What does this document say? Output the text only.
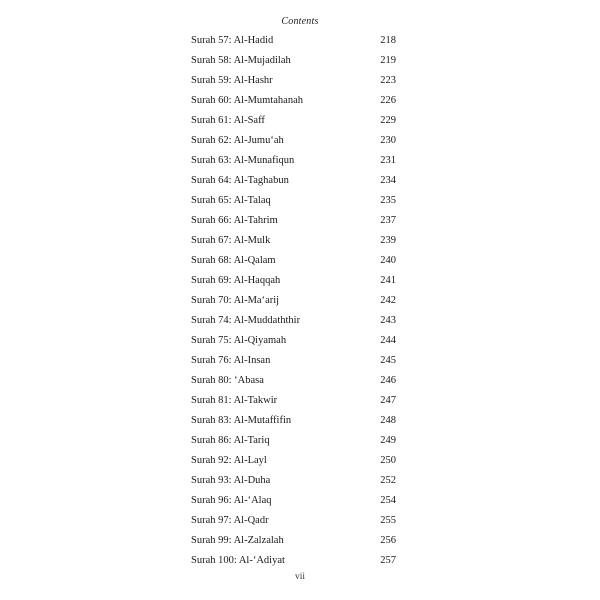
Contents
Surah 57: Al-Hadid	218
Surah 58: Al-Mujadilah	219
Surah 59: Al-Hashr	223
Surah 60: Al-Mumtahanah	226
Surah 61: Al-Saff	229
Surah 62: Al-Jumu‘ah	230
Surah 63: Al-Munafiqun	231
Surah 64: Al-Taghabun	234
Surah 65: Al-Talaq	235
Surah 66: Al-Tahrim	237
Surah 67: Al-Mulk	239
Surah 68: Al-Qalam	240
Surah 69: Al-Haqqah	241
Surah 70: Al-Ma‘arij	242
Surah 74: Al-Muddaththir	243
Surah 75: Al-Qiyamah	244
Surah 76: Al-Insan	245
Surah 80: ‘Abasa	246
Surah 81: Al-Takwir	247
Surah 83: Al-Mutaffifin	248
Surah 86: Al-Tariq	249
Surah 92: Al-Layl	250
Surah 93: Al-Duha	252
Surah 96: Al-‘Alaq	254
Surah 97: Al-Qadr	255
Surah 99: Al-Zalzalah	256
Surah 100: Al-‘Adiyat	257
vii
